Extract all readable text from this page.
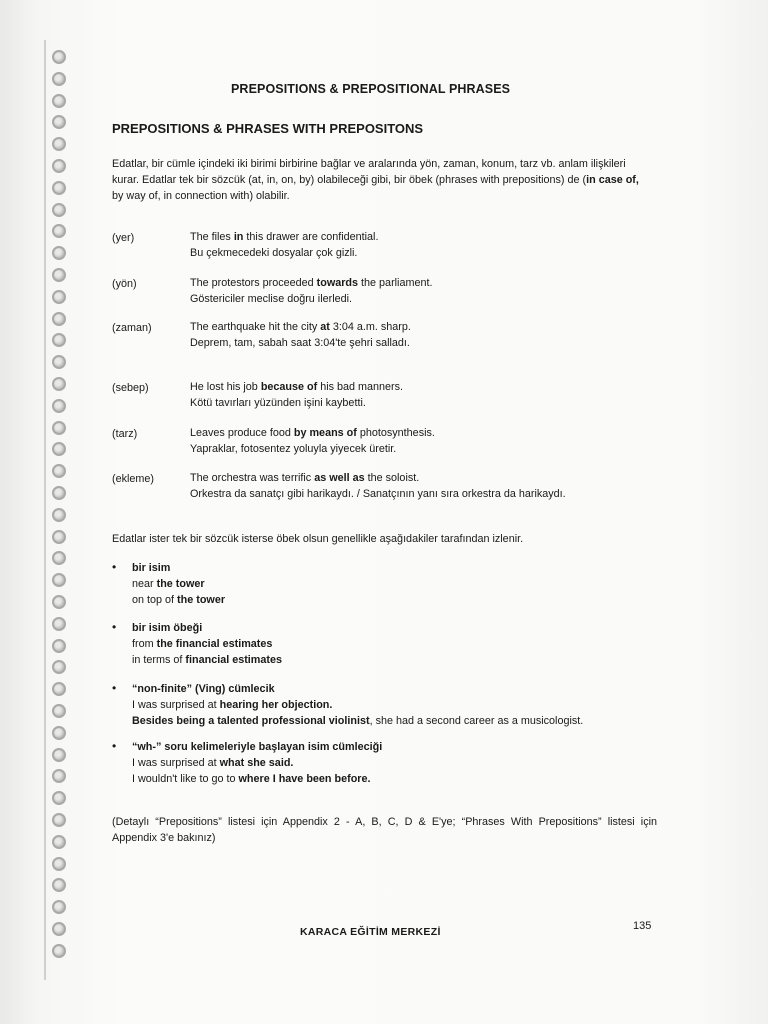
PREPOSITIONS & PREPOSITIONAL PHRASES
PREPOSITIONS & PHRASES WITH PREPOSITONS
Edatlar, bir cümle içindeki iki birimi birbirine bağlar ve aralarında yön, zaman, konum, tarz vb. anlam ilişkileri
kurar. Edatlar tek bir sözcük (at, in, on, by) olabileceği gibi, bir öbek (phrases with prepositions) de (in case of,
by way of, in connection with) olabilir.
(yer)	The files in this drawer are confidential.
Bu çekmecedeki dosyalar çok gizli.
(yön)	The protestors proceeded towards the parliament.
Göstericiler meclise doğru ilerledi.
(zaman)	The earthquake hit the city at 3:04 a.m. sharp.
Deprem, tam, sabah saat 3:04'te şehri salladı.
(sebep)	He lost his job because of his bad manners.
Kötü tavırları yüzünden işini kaybetti.
(tarz)	Leaves produce food by means of photosynthesis.
Yapraklar, fotosentez yoluyla yiyecek üretir.
(ekleme)	The orchestra was terrific as well as the soloist.
Orkestra da sanatçı gibi harikaydı. / Sanatçının yanı sıra orkestra da harikaydı.
Edatlar ister tek bir sözcük isterse öbek olsun genellikle aşağıdakiler tarafından izlenir.
• bir isim
near the tower
on top of the tower
• bir isim öbeği
from the financial estimates
in terms of financial estimates
• “non-finite” (Ving) cümlecik
I was surprised at hearing her objection.
Besides being a talented professional violinist, she had a second career as a musicologist.
• “wh-” soru kelimeleriyle başlayan isim cümleciği
I was surprised at what she said.
I wouldn't like to go to where I have been before.
(Detaylı “Prepositions” listesi için Appendix 2 - A, B, C, D & E'ye; “Phrases With Prepositions” listesi için
Appendix 3'e bakınız)
KARACA EĞİTİM MERKEZİ	135
